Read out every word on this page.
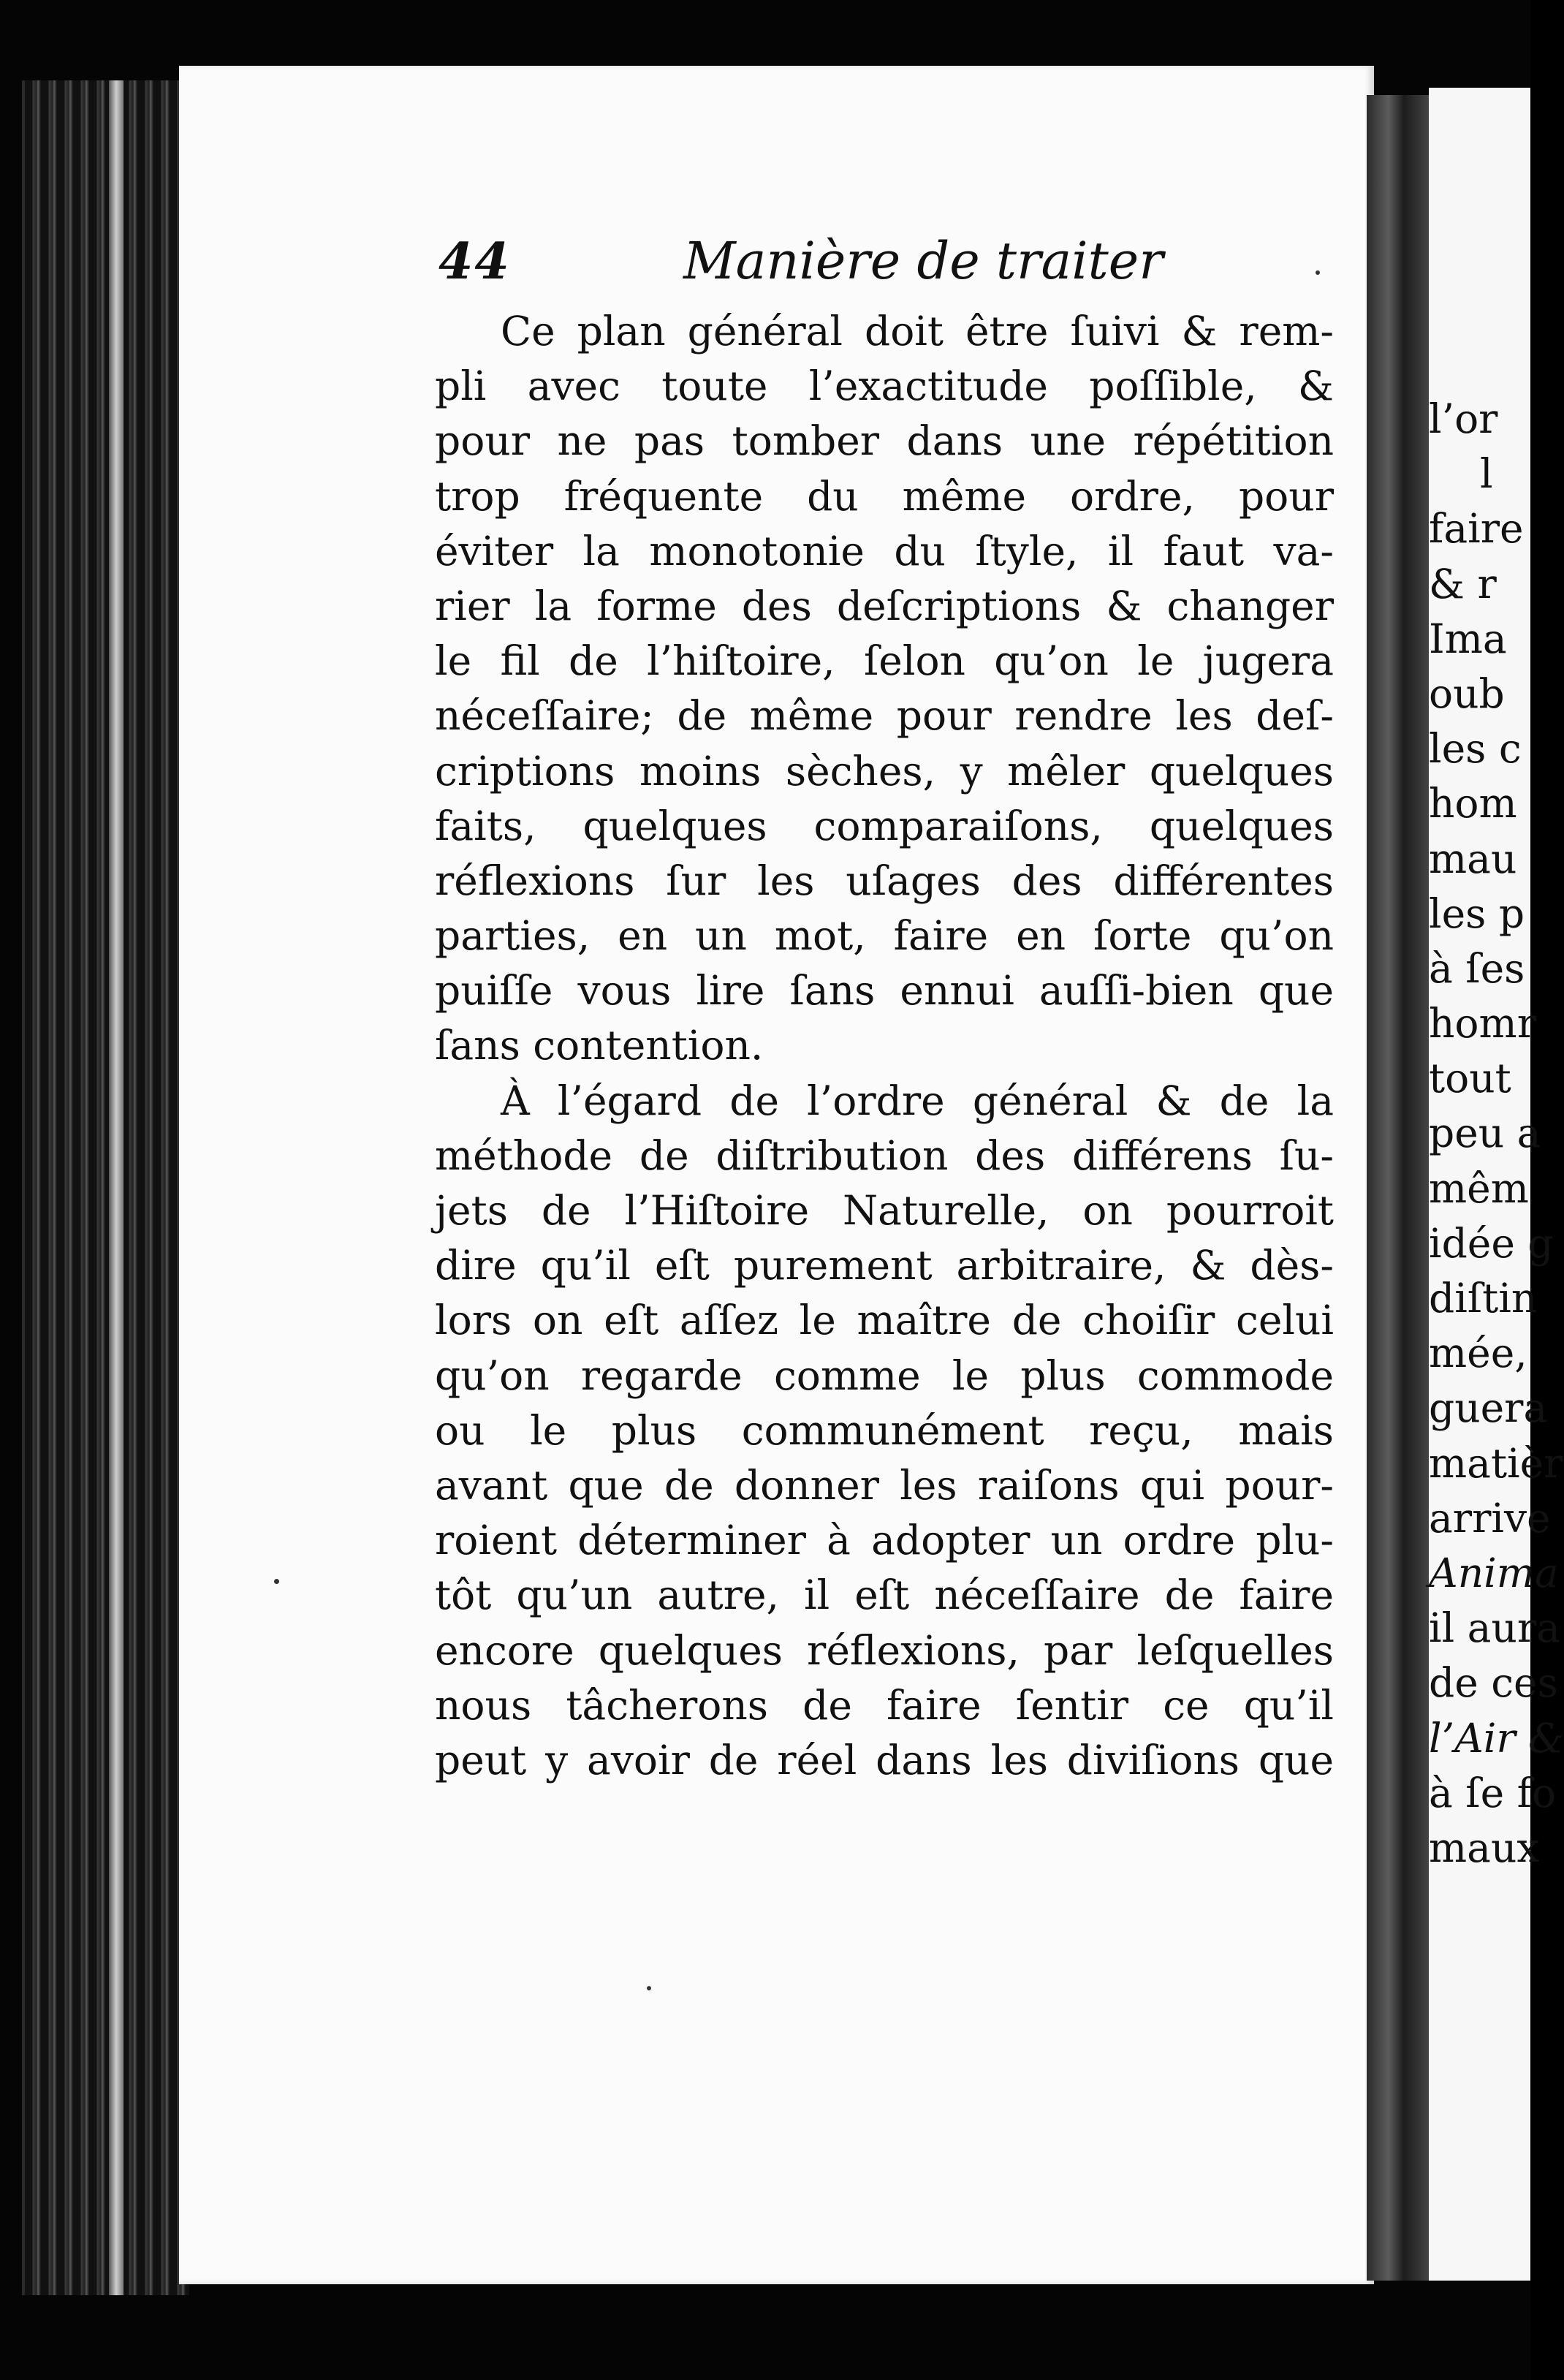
l’or
l
faire
& r
Ima
oub
les c
hom
mau
les p
à ſes
homr
tout
peu a
mêm
idée g
diſtin
mée,
guera
matièr
arrive
Anima
il aura
de ces
l’Air &
à ſe fo
maux
44	Manière de traiter
Ce plan général doit être ſuivi & rem-
pli avec toute l’exactitude poſſible, &
pour ne pas tomber dans une répétition
trop fréquente du même ordre, pour
éviter la monotonie du ſtyle, il faut va-
rier la forme des deſcriptions & changer
le fil de l’hiſtoire, ſelon qu’on le jugera
néceſſaire; de même pour rendre les deſ-
criptions moins sèches, y mêler quelques
faits, quelques comparaiſons, quelques
réflexions ſur les uſages des différentes
parties, en un mot, faire en ſorte qu’on
puiſſe vous lire ſans ennui auſſi-bien que
ſans contention.
À l’égard de l’ordre général & de la
méthode de diſtribution des différens ſu-
jets de l’Hiſtoire Naturelle, on pourroit
dire qu’il eſt purement arbitraire, & dès-
lors on eſt aſſez le maître de choiſir celui
qu’on regarde comme le plus commode
ou le plus communément reçu, mais
avant que de donner les raiſons qui pour-
roient déterminer à adopter un ordre plu-
tôt qu’un autre, il eſt néceſſaire de faire
encore quelques réflexions, par leſquelles
nous tâcherons de faire ſentir ce qu’il
peut y avoir de réel dans les diviſions que
